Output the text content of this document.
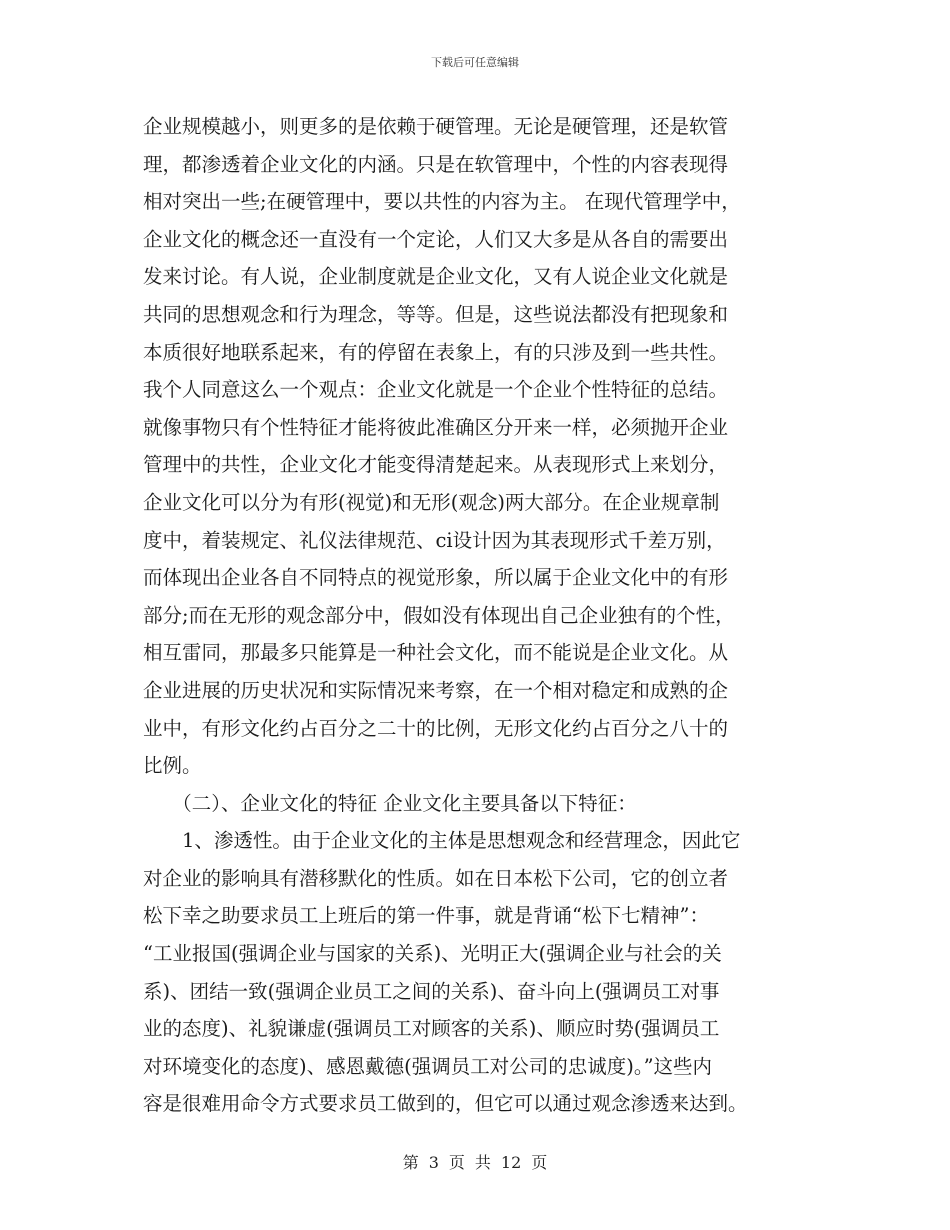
下载后可任意编辑
企业规模越小，则更多的是依赖于硬管理。无论是硬管理，还是软管
理，都渗透着企业文化的内涵。只是在软管理中，个性的内容表现得
相对突出一些;在硬管理中，要以共性的内容为主。 在现代管理学中，
企业文化的概念还一直没有一个定论，人们又大多是从各自的需要出
发来讨论。有人说，企业制度就是企业文化，又有人说企业文化就是
共同的思想观念和行为理念，等等。但是，这些说法都没有把现象和
本质很好地联系起来，有的停留在表象上，有的只涉及到一些共性。
我个人同意这么一个观点：企业文化就是一个企业个性特征的总结。
就像事物只有个性特征才能将彼此准确区分开来一样，必须抛开企业
管理中的共性，企业文化才能变得清楚起来。从表现形式上来划分，
企业文化可以分为有形(视觉)和无形(观念)两大部分。在企业规章制
度中，着装规定、礼仪法律规范、ci设计因为其表现形式千差万别，
而体现出企业各自不同特点的视觉形象，所以属于企业文化中的有形
部分;而在无形的观念部分中，假如没有体现出自己企业独有的个性，
相互雷同，那最多只能算是一种社会文化，而不能说是企业文化。从
企业进展的历史状况和实际情况来考察，在一个相对稳定和成熟的企
业中，有形文化约占百分之二十的比例，无形文化约占百分之八十的
比例。
　　（二）、企业文化的特征 企业文化主要具备以下特征：
　　1、渗透性。由于企业文化的主体是思想观念和经营理念，因此它
对企业的影响具有潜移默化的性质。如在日本松下公司，它的创立者
松下幸之助要求员工上班后的第一件事，就是背诵“松下七精神”：
“工业报国(强调企业与国家的关系)、光明正大(强调企业与社会的关
系)、团结一致(强调企业员工之间的关系)、奋斗向上(强调员工对事
业的态度)、礼貌谦虚(强调员工对顾客的关系)、顺应时势(强调员工
对环境变化的态度)、感恩戴德(强调员工对公司的忠诚度)。”这些内
容是很难用命令方式要求员工做到的，但它可以通过观念渗透来达到。
第 3 页 共 12 页
